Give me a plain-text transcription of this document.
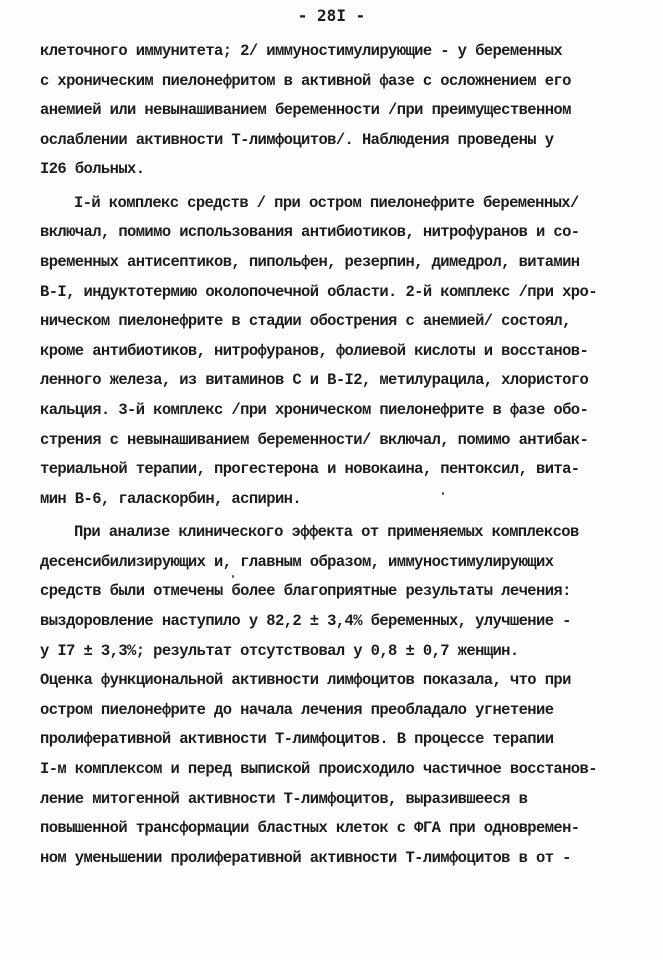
- 28I -
клеточного иммунитета; 2/ иммуностимулирующие - у беременных
с хроническим пиелонефритом в активной фазе с осложнением его
анемией или невынашиванием беременности /при преимущественном
ослаблении активности Т-лимфоцитов/. Наблюдения проведены у
I26 больных.
I-й комплекс средств / при остром пиелонефрите беременных/
включал, помимо использования антибиотиков, нитрофуранов и со-
временных антисептиков, пипольфен, резерпин, димедрол, витамин
В-I, индуктотермию околопочечной области. 2-й комплекс /при хро-
ническом пиелонефрите в стадии обострения с анемией/ состоял,
кроме антибиотиков, нитрофуранов, фолиевой кислоты и восстанов-
ленного железа, из витаминов С и В-I2, метилурацила, хлористого
кальция. 3-й комплекс /при хроническом пиелонефрите в фазе обо-
стрения с невынашиванием беременности/ включал, помимо антибак-
териальной терапии, прогестерона и новокаина, пентоксил, вита-
мин В-6, галаскорбин, аспирин.
При анализе клинического эффекта от применяемых комплексов
десенсибилизирующих и, главным образом, иммуностимулирующих
средств были отмечены более благоприятные результаты лечения:
выздоровление наступило у 82,2 ± 3,4% беременных, улучшение -
у I7 ± 3,3%; результат отсутствовал у 0,8 ± 0,7 женщин.
Оценка функциональной активности лимфоцитов показала, что при
остром пиелонефрите до начала лечения преобладало угнетение
пролиферативной активности Т-лимфоцитов. В процессе терапии
I-м комплексом и перед выпиской происходило частичное восстанов-
ление митогенной активности Т-лимфоцитов, выразившееся в
повышенной трансформации бластных клеток с ФГА при одновремен-
ном уменьшении пролиферативной активности Т-лимфоцитов в от -
